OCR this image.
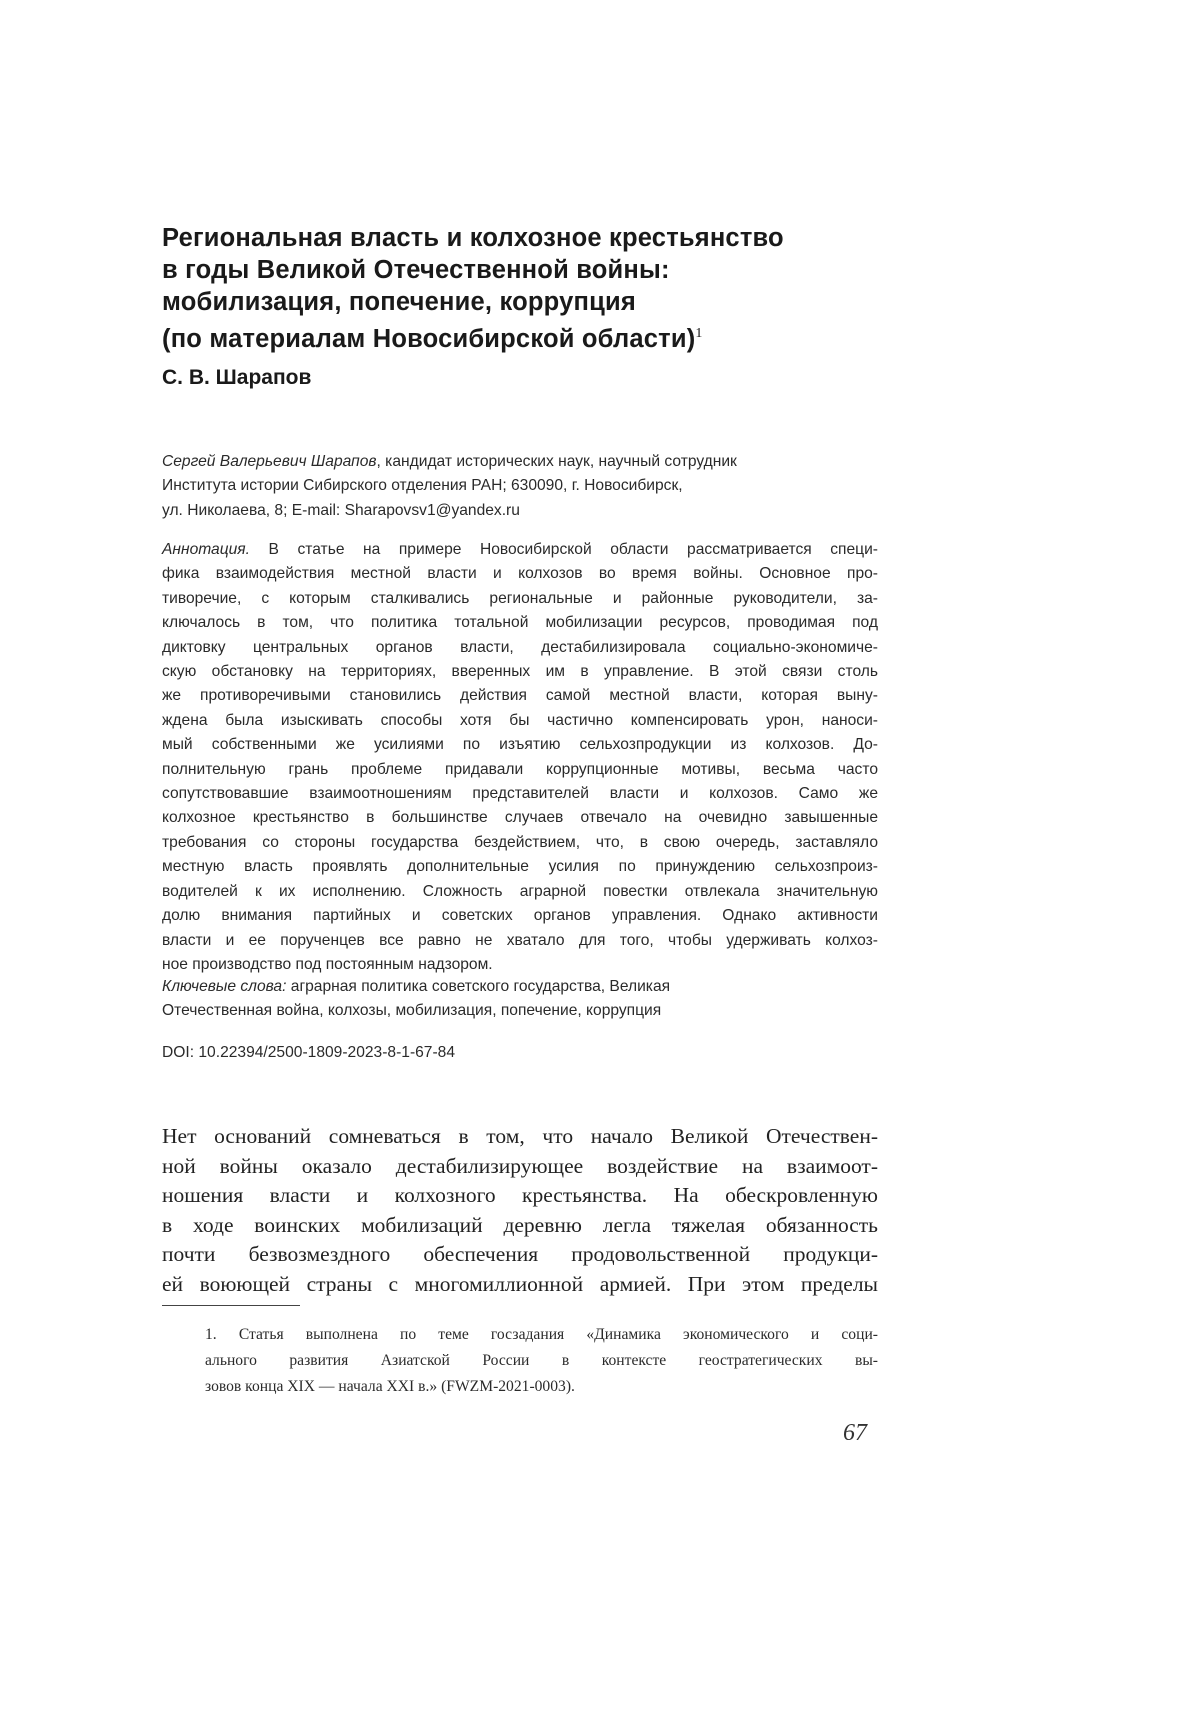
Региональная власть и колхозное крестьянство
в годы Великой Отечественной войны:
мобилизация, попечение, коррупция
(по материалам Новосибирской области)1
С. В. Шарапов
Сергей Валерьевич Шарапов, кандидат исторических наук, научный сотрудник
Института истории Сибирского отделения РАН; 630090, г. Новосибирск,
ул. Николаева, 8; E-mail: Sharapovsv1@yandex.ru
Аннотация. В статье на примере Новосибирской области рассматривается специ-
фика взаимодействия местной власти и колхозов во время войны. Основное про-
тиворечие, с которым сталкивались региональные и районные руководители, за-
ключалось в том, что политика тотальной мобилизации ресурсов, проводимая под
диктовку центральных органов власти, дестабилизировала социально-экономиче-
скую обстановку на территориях, вверенных им в управление. В этой связи столь
же противоречивыми становились действия самой местной власти, которая выну-
ждена была изыскивать способы хотя бы частично компенсировать урон, наноси-
мый собственными же усилиями по изъятию сельхозпродукции из колхозов. До-
полнительную грань проблеме придавали коррупционные мотивы, весьма часто
сопутствовавшие взаимоотношениям представителей власти и колхозов. Само же
колхозное крестьянство в большинстве случаев отвечало на очевидно завышенные
требования со стороны государства бездействием, что, в свою очередь, заставляло
местную власть проявлять дополнительные усилия по принуждению сельхозпроиз-
водителей к их исполнению. Сложность аграрной повестки отвлекала значительную
долю внимания партийных и советских органов управления. Однако активности
власти и ее порученцев все равно не хватало для того, чтобы удерживать колхоз-
ное производство под постоянным надзором.
Ключевые слова: аграрная политика советского государства, Великая
Отечественная война, колхозы, мобилизация, попечение, коррупция
DOI: 10.22394/2500-1809-2023-8-1-67-84
Нет оснований сомневаться в том, что начало Великой Отечествен-
ной войны оказало дестабилизирующее воздействие на взаимоот-
ношения власти и колхозного крестьянства. На обескровленную
в ходе воинских мобилизаций деревню легла тяжелая обязанность
почти безвозмездного обеспечения продовольственной продукци-
ей воюющей страны с многомиллионной армией. При этом пределы
1. Статья выполнена по теме госзадания «Динамика экономического и соци-
ального развития Азиатской России в контексте геостратегических вы-
зовов конца XIX — начала XXI в.» (FWZM-2021-0003).
67
